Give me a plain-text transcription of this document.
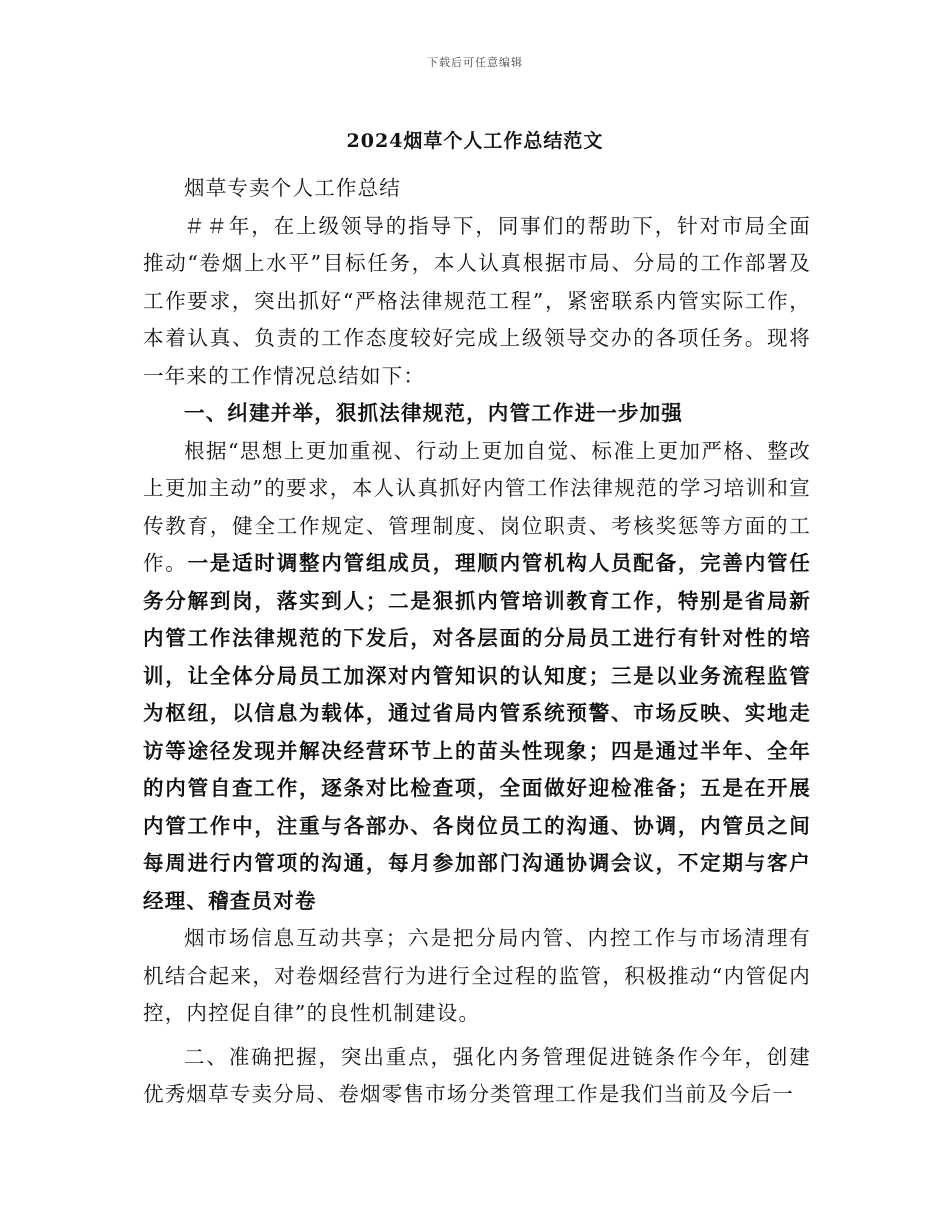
下载后可任意编辑
2024烟草个人工作总结范文

烟草专卖个人工作总结

＃＃年，在上级领导的指导下，同事们的帮助下，针对市局全面推动“卷烟上水平”目标任务，本人认真根据市局、分局的工作部署及工作要求，突出抓好“严格法律规范工程”，紧密联系内管实际工作，本着认真、负责的工作态度较好完成上级领导交办的各项任务。现将一年来的工作情况总结如下：

一、纠建并举，狠抓法律规范，内管工作进一步加强

根据“思想上更加重视、行动上更加自觉、标准上更加严格、整改上更加主动”的要求，本人认真抓好内管工作法律规范的学习培训和宣传教育，健全工作规定、管理制度、岗位职责、考核奖惩等方面的工作。一是适时调整内管组成员，理顺内管机构人员配备，完善内管任务分解到岗，落实到人；二是狠抓内管培训教育工作，特别是省局新内管工作法律规范的下发后，对各层面的分局员工进行有针对性的培训，让全体分局员工加深对内管知识的认知度；三是以业务流程监管为枢纽，以信息为载体，通过省局内管系统预警、市场反映、实地走访等途径发现并解决经营环节上的苗头性现象；四是通过半年、全年的内管自查工作，逐条对比检查项，全面做好迎检准备；五是在开展内管工作中，注重与各部办、各岗位员工的沟通、协调，内管员之间每周进行内管项的沟通，每月参加部门沟通协调会议，不定期与客户经理、稽查员对卷

烟市场信息互动共享；六是把分局内管、内控工作与市场清理有机结合起来，对卷烟经营行为进行全过程的监管，积极推动“内管促内控，内控促自律”的良性机制建设。

二、准确把握，突出重点，强化内务管理促进链条作今年，创建优秀烟草专卖分局、卷烟零售市场分类管理工作是我们当前及今后一
